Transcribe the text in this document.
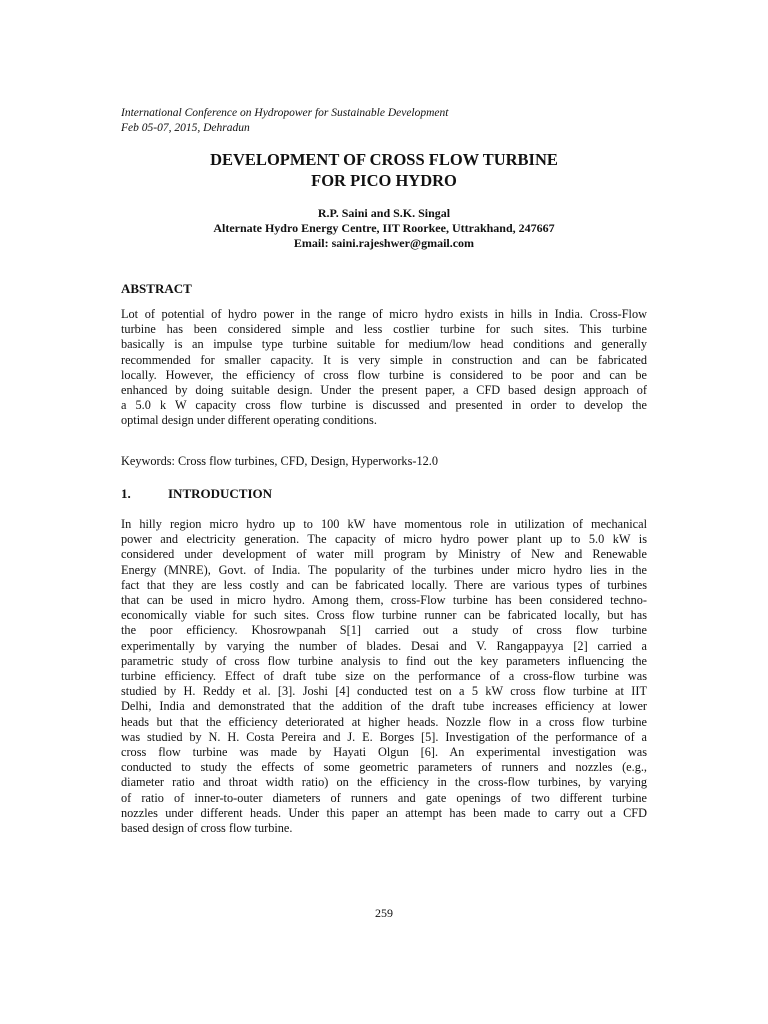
International Conference on Hydropower for Sustainable Development
Feb 05-07, 2015, Dehradun
DEVELOPMENT OF CROSS FLOW TURBINE
FOR PICO HYDRO
R.P. Saini and S.K. Singal
Alternate Hydro Energy Centre, IIT Roorkee, Uttrakhand, 247667
Email: saini.rajeshwer@gmail.com
ABSTRACT
Lot of potential of hydro power in the range of micro hydro exists in hills in India. Cross-Flow
turbine has been considered simple and less costlier turbine for such sites. This turbine
basically is an impulse type turbine suitable for medium/low head conditions and generally
recommended for smaller capacity. It is very simple in construction and can be fabricated
locally. However, the efficiency of cross flow turbine is considered to be poor and can be
enhanced by doing suitable design. Under the present paper, a CFD based design approach of
a 5.0 k W capacity cross flow turbine is discussed and presented in order to develop the
optimal design under different operating conditions.
Keywords: Cross flow turbines, CFD, Design, Hyperworks-12.0
1.	INTRODUCTION
In hilly region micro hydro up to 100 kW have momentous role in utilization of mechanical
power and electricity generation. The capacity of micro hydro power plant up to 5.0 kW is
considered under development of water mill program by Ministry of New and Renewable
Energy (MNRE), Govt. of India. The popularity of the turbines under micro hydro lies in the
fact that they are less costly and can be fabricated locally. There are various types of turbines
that can be used in micro hydro. Among them, cross-Flow turbine has been considered techno-
economically viable for such sites. Cross flow turbine runner can be fabricated locally, but has
the poor efficiency. Khosrowpanah S[1] carried out a study of cross flow turbine
experimentally by varying the number of blades. Desai and V. Rangappayya [2] carried a
parametric study of cross flow turbine analysis to find out the key parameters influencing the
turbine efficiency. Effect of draft tube size on the performance of a cross-flow turbine was
studied by H. Reddy et al. [3]. Joshi [4] conducted test on a 5 kW cross flow turbine at IIT
Delhi, India and demonstrated that the addition of the draft tube increases efficiency at lower
heads but that the efficiency deteriorated at higher heads. Nozzle flow in a cross flow turbine
was studied by N. H. Costa Pereira and J. E. Borges [5]. Investigation of the performance of a
cross flow turbine was made by Hayati Olgun [6]. An experimental investigation was
conducted to study the effects of some geometric parameters of runners and nozzles (e.g.,
diameter ratio and throat width ratio) on the efficiency in the cross-flow turbines, by varying
of ratio of inner-to-outer diameters of runners and gate openings of two different turbine
nozzles under different heads. Under this paper an attempt has been made to carry out a CFD
based design of cross flow turbine.
259
